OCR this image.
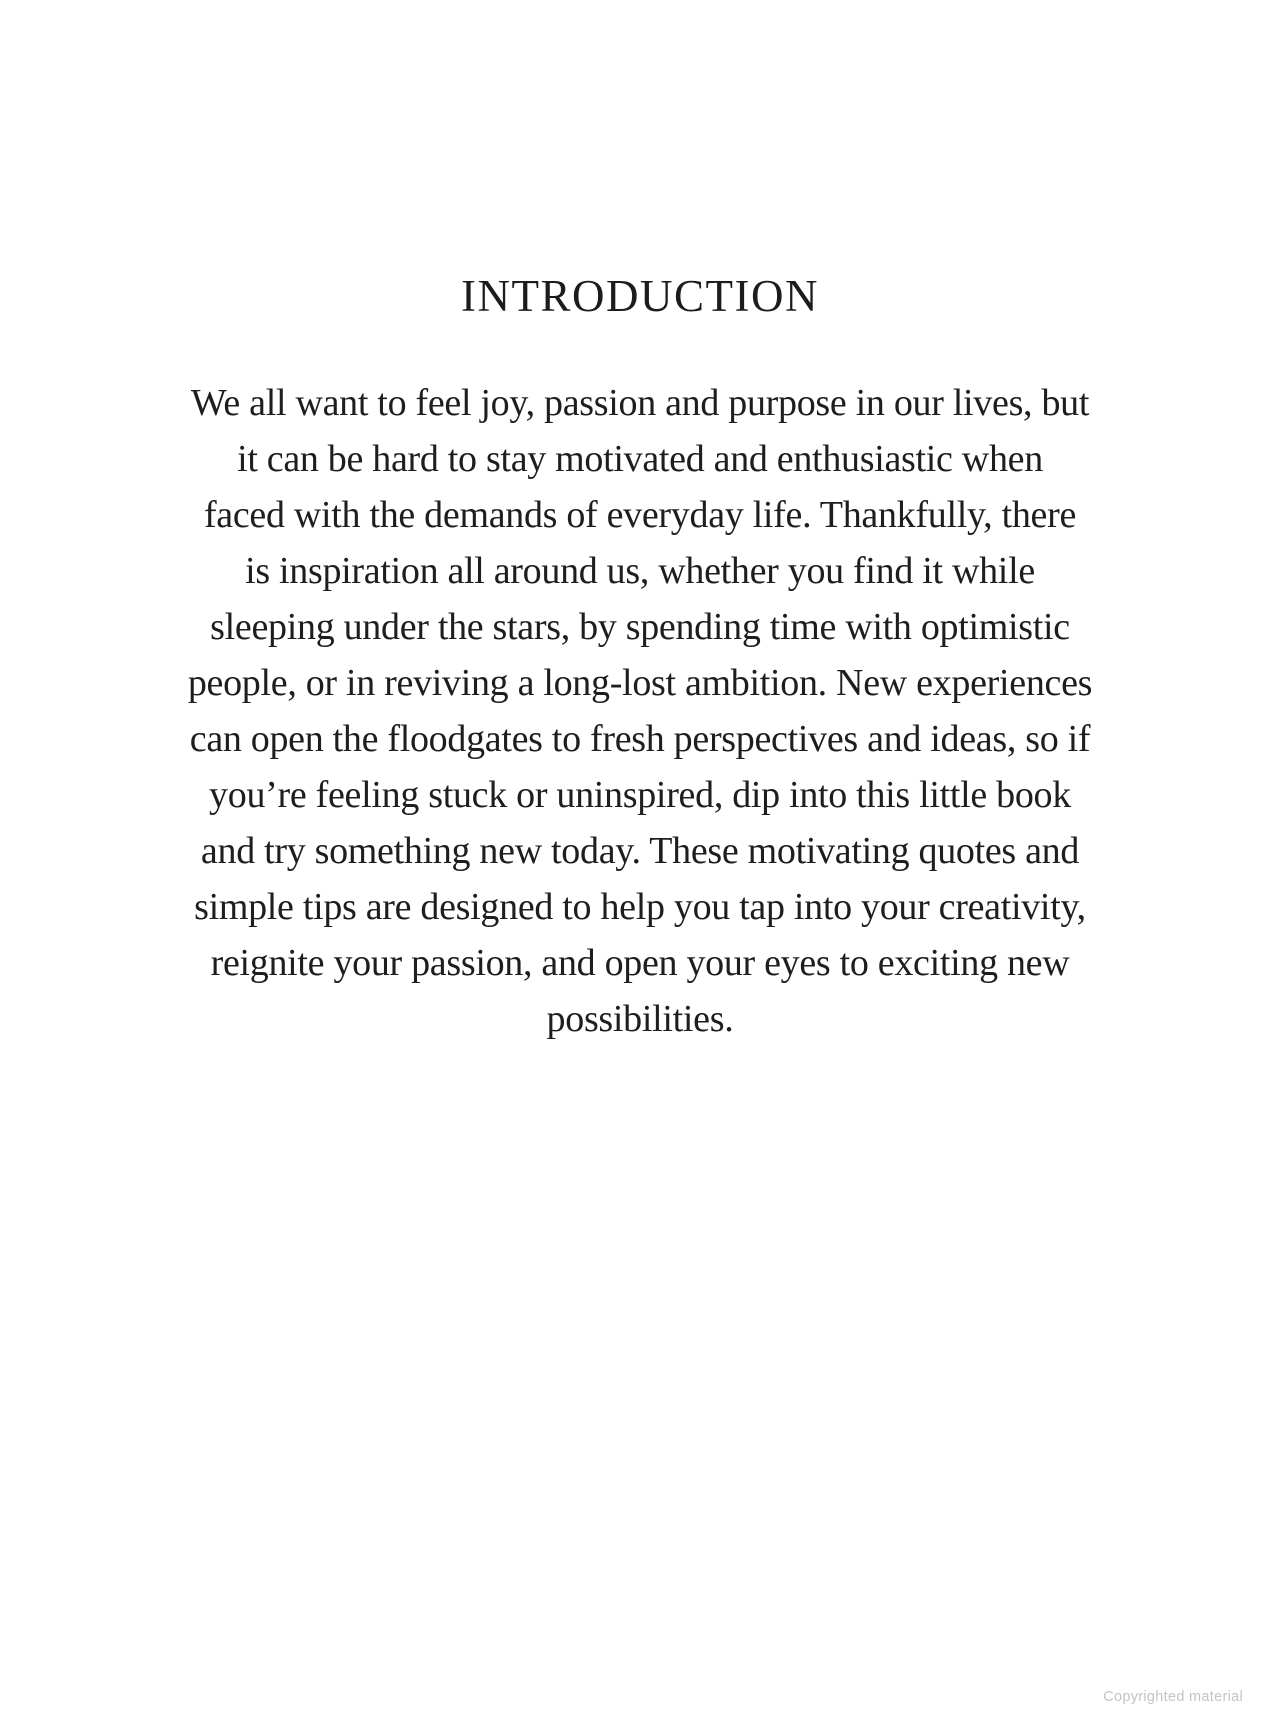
INTRODUCTION
We all want to feel joy, passion and purpose in our lives, but
it can be hard to stay motivated and enthusiastic when
faced with the demands of everyday life. Thankfully, there
is inspiration all around us, whether you find it while
sleeping under the stars, by spending time with optimistic
people, or in reviving a long-lost ambition. New experiences
can open the floodgates to fresh perspectives and ideas, so if
you’re feeling stuck or uninspired, dip into this little book
and try something new today. These motivating quotes and
simple tips are designed to help you tap into your creativity,
reignite your passion, and open your eyes to exciting new
possibilities.
Copyrighted material
